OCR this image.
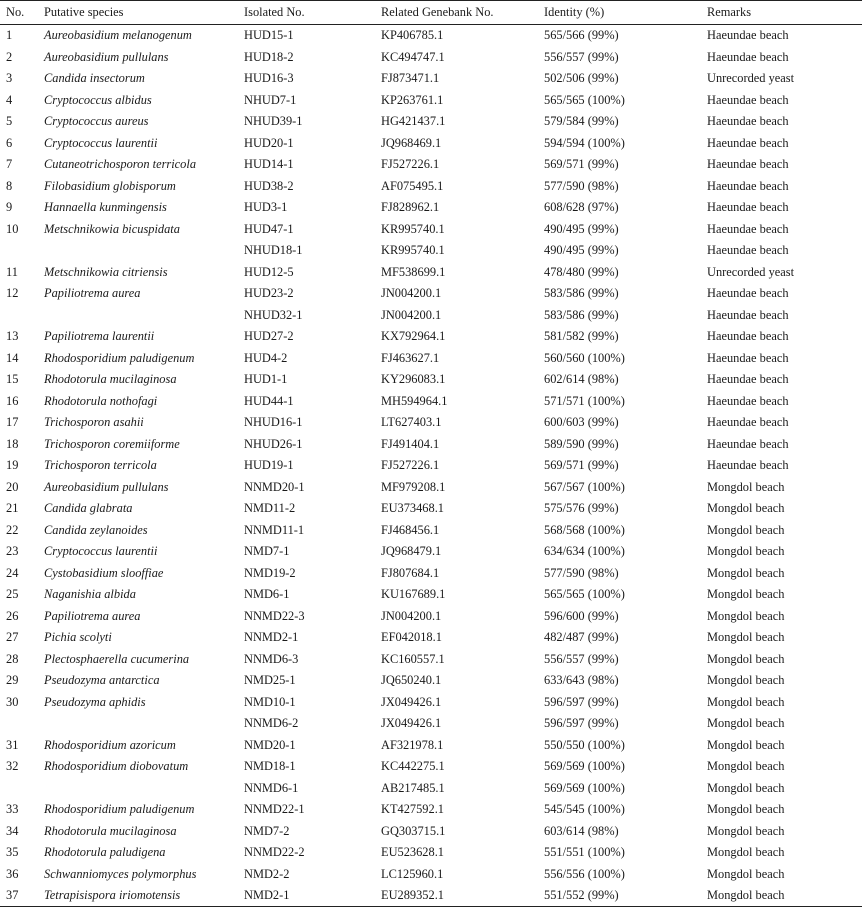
No.	Putative species	Isolated No.	Related Genebank No.	Identity (%)	Remarks
1	Aureobasidium melanogenum	HUD15-1	KP406785.1	565/566 (99%)	Haeundae beach
2	Aureobasidium pullulans	HUD18-2	KC494747.1	556/557 (99%)	Haeundae beach
3	Candida insectorum	HUD16-3	FJ873471.1	502/506 (99%)	Unrecorded yeast
4	Cryptococcus albidus	NHUD7-1	KP263761.1	565/565 (100%)	Haeundae beach
5	Cryptococcus aureus	NHUD39-1	HG421437.1	579/584 (99%)	Haeundae beach
6	Cryptococcus laurentii	HUD20-1	JQ968469.1	594/594 (100%)	Haeundae beach
7	Cutaneotrichosporon terricola	HUD14-1	FJ527226.1	569/571 (99%)	Haeundae beach
8	Filobasidium globisporum	HUD38-2	AF075495.1	577/590 (98%)	Haeundae beach
9	Hannaella kunmingensis	HUD3-1	FJ828962.1	608/628 (97%)	Haeundae beach
10	Metschnikowia bicuspidata	HUD47-1	KR995740.1	490/495 (99%)	Haeundae beach
		NHUD18-1	KR995740.1	490/495 (99%)	Haeundae beach
11	Metschnikowia citriensis	HUD12-5	MF538699.1	478/480 (99%)	Unrecorded yeast
12	Papiliotrema aurea	HUD23-2	JN004200.1	583/586 (99%)	Haeundae beach
		NHUD32-1	JN004200.1	583/586 (99%)	Haeundae beach
13	Papiliotrema laurentii	HUD27-2	KX792964.1	581/582 (99%)	Haeundae beach
14	Rhodosporidium paludigenum	HUD4-2	FJ463627.1	560/560 (100%)	Haeundae beach
15	Rhodotorula mucilaginosa	HUD1-1	KY296083.1	602/614 (98%)	Haeundae beach
16	Rhodotorula nothofagi	HUD44-1	MH594964.1	571/571 (100%)	Haeundae beach
17	Trichosporon asahii	NHUD16-1	LT627403.1	600/603 (99%)	Haeundae beach
18	Trichosporon coremiiforme	NHUD26-1	FJ491404.1	589/590 (99%)	Haeundae beach
19	Trichosporon terricola	HUD19-1	FJ527226.1	569/571 (99%)	Haeundae beach
20	Aureobasidium pullulans	NNMD20-1	MF979208.1	567/567 (100%)	Mongdol beach
21	Candida glabrata	NMD11-2	EU373468.1	575/576 (99%)	Mongdol beach
22	Candida zeylanoides	NNMD11-1	FJ468456.1	568/568 (100%)	Mongdol beach
23	Cryptococcus laurentii	NMD7-1	JQ968479.1	634/634 (100%)	Mongdol beach
24	Cystobasidium slooffiae	NMD19-2	FJ807684.1	577/590 (98%)	Mongdol beach
25	Naganishia albida	NMD6-1	KU167689.1	565/565 (100%)	Mongdol beach
26	Papiliotrema aurea	NNMD22-3	JN004200.1	596/600 (99%)	Mongdol beach
27	Pichia scolyti	NNMD2-1	EF042018.1	482/487 (99%)	Mongdol beach
28	Plectosphaerella cucumerina	NNMD6-3	KC160557.1	556/557 (99%)	Mongdol beach
29	Pseudozyma antarctica	NMD25-1	JQ650240.1	633/643 (98%)	Mongdol beach
30	Pseudozyma aphidis	NMD10-1	JX049426.1	596/597 (99%)	Mongdol beach
		NNMD6-2	JX049426.1	596/597 (99%)	Mongdol beach
31	Rhodosporidium azoricum	NMD20-1	AF321978.1	550/550 (100%)	Mongdol beach
32	Rhodosporidium diobovatum	NMD18-1	KC442275.1	569/569 (100%)	Mongdol beach
		NNMD6-1	AB217485.1	569/569 (100%)	Mongdol beach
33	Rhodosporidium paludigenum	NNMD22-1	KT427592.1	545/545 (100%)	Mongdol beach
34	Rhodotorula mucilaginosa	NMD7-2	GQ303715.1	603/614 (98%)	Mongdol beach
35	Rhodotorula paludigena	NNMD22-2	EU523628.1	551/551 (100%)	Mongdol beach
36	Schwanniomyces polymorphus	NMD2-2	LC125960.1	556/556 (100%)	Mongdol beach
37	Tetrapisispora iriomotensis	NMD2-1	EU289352.1	551/552 (99%)	Mongdol beach
